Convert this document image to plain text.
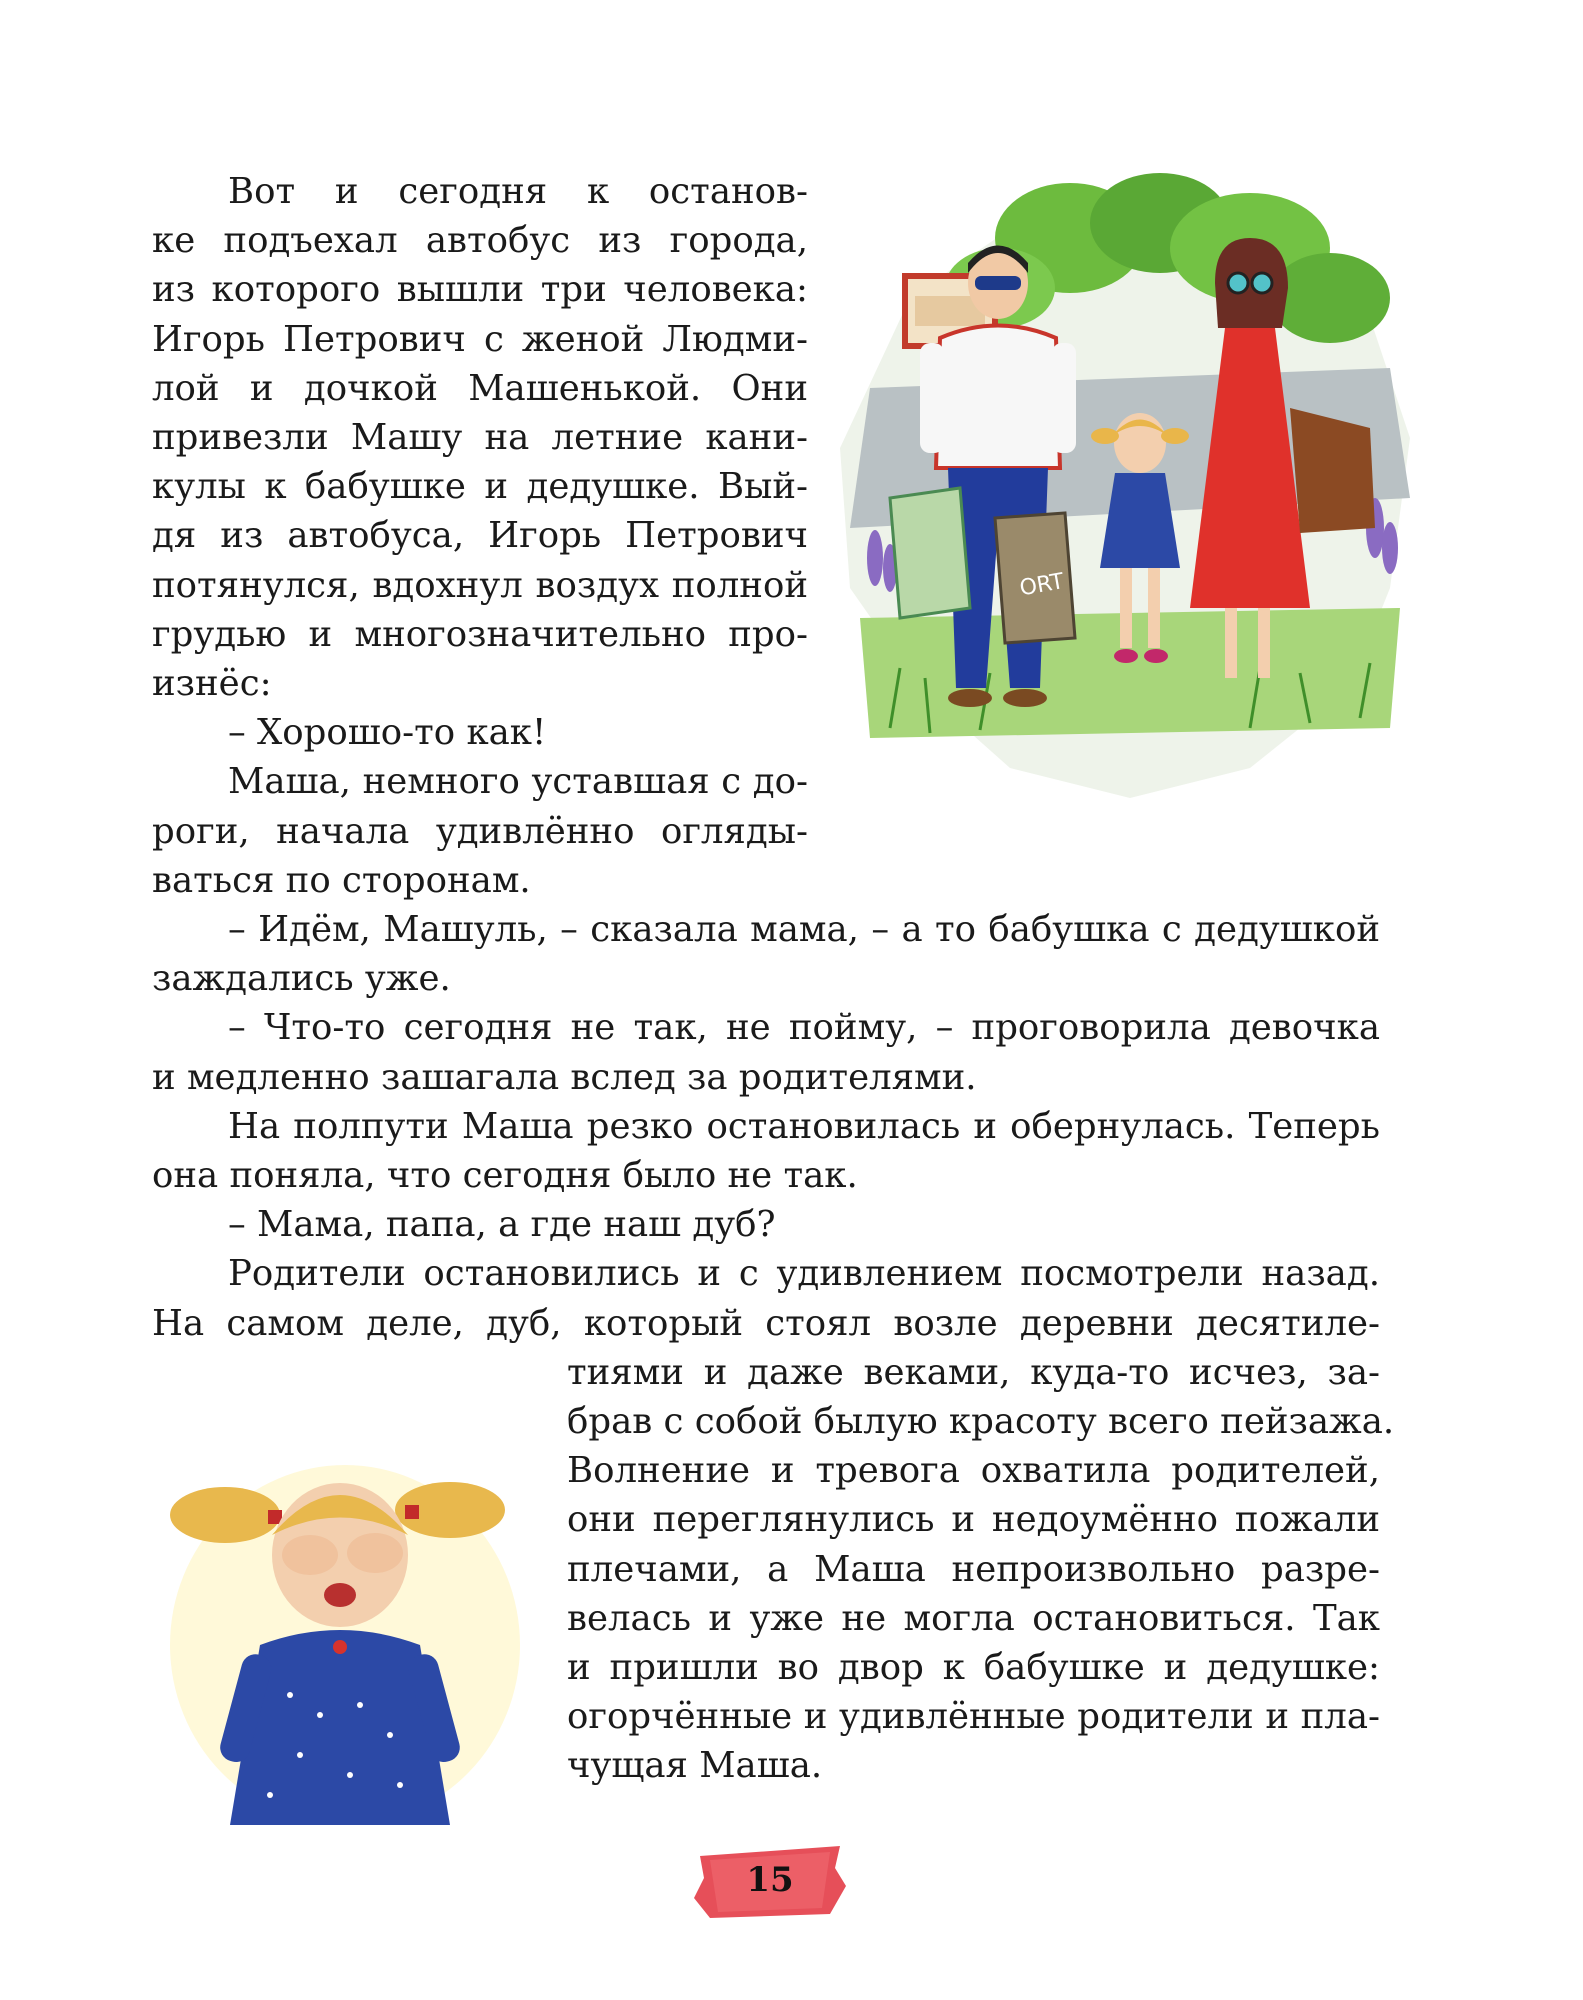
Вот и сегодня к останов-
ке подъехал автобус из города,
из которого вышли три человека:
Игорь Петрович с женой Людми-
лой и дочкой Машенькой. Они
привезли Машу на летние кани-
кулы к бабушке и дедушке. Вый-
дя из автобуса, Игорь Петрович
потянулся, вдохнул воздух полной
грудью и многозначительно про-
изнёс:
– Хорошо-то как!
Маша, немного уставшая с до-
роги, начала удивлённо огляды-
ваться по сторонам.
– Идём, Машуль, – сказала мама, – а то бабушка с дедушкой
заждались уже.
– Что-то сегодня не так, не пойму, – проговорила девочка
и медленно зашагала вслед за родителями.
На полпути Маша резко остановилась и обернулась. Теперь
она поняла, что сегодня было не так.
– Мама, папа, а где наш дуб?
Родители остановились и с удивлением посмотрели назад.
На самом деле, дуб, который стоял возле деревни десятиле-
тиями и даже веками, куда-то исчез, за-
брав с собой былую красоту всего пейзажа.
Волнение и тревога охватила родителей,
они переглянулись и недоумённо пожали
плечами, а Маша непроизвольно разре-
велась и уже не могла остановиться. Так
и пришли во двор к бабушке и дедушке:
огорчённые и удивлённые родители и пла-
чущая Маша.
ORT
15
